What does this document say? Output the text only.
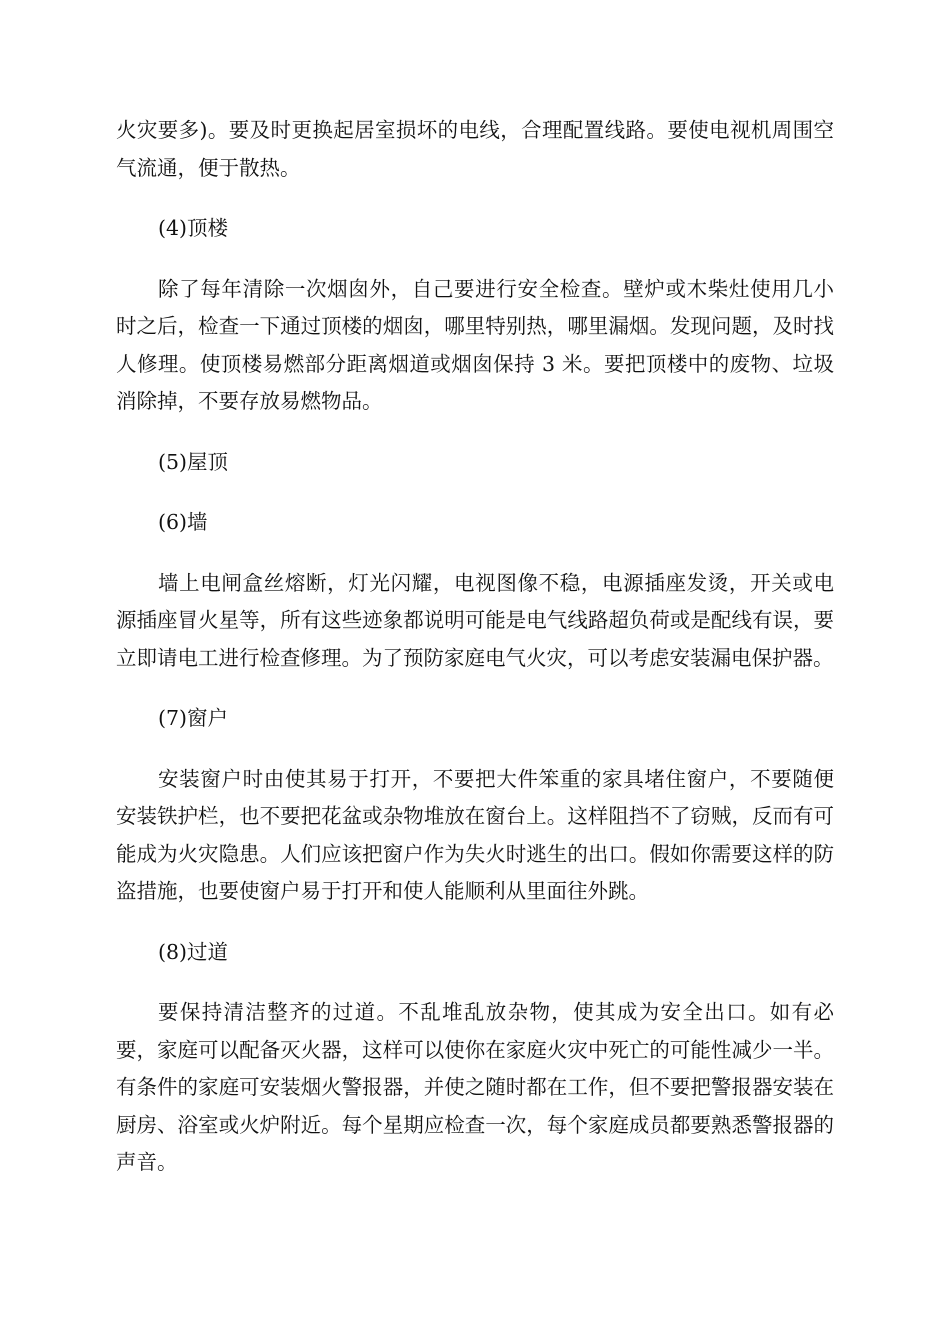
火灾要多)。要及时更换起居室损坏的电线，合理配置线路。要使电视机周围空气流通，便于散热。

(4)顶楼

除了每年清除一次烟囱外，自己要进行安全检查。壁炉或木柴灶使用几小时之后，检查一下通过顶楼的烟囱，哪里特别热，哪里漏烟。发现问题，及时找人修理。使顶楼易燃部分距离烟道或烟囱保持 3 米。要把顶楼中的废物、垃圾消除掉，不要存放易燃物品。

(5)屋顶

(6)墙

墙上电闸盒丝熔断，灯光闪耀，电视图像不稳，电源插座发烫，开关或电源插座冒火星等，所有这些迹象都说明可能是电气线路超负荷或是配线有误，要立即请电工进行检查修理。为了预防家庭电气火灾，可以考虑安装漏电保护器。

(7)窗户

安装窗户时由使其易于打开，不要把大件笨重的家具堵住窗户，不要随便安装铁护栏，也不要把花盆或杂物堆放在窗台上。这样阻挡不了窃贼，反而有可能成为火灾隐患。人们应该把窗户作为失火时逃生的出口。假如你需要这样的防盗措施，也要使窗户易于打开和使人能顺利从里面往外跳。

(8)过道

要保持清洁整齐的过道。不乱堆乱放杂物，使其成为安全出口。如有必要，家庭可以配备灭火器，这样可以使你在家庭火灾中死亡的可能性减少一半。有条件的家庭可安装烟火警报器，并使之随时都在工作，但不要把警报器安装在厨房、浴室或火炉附近。每个星期应检查一次，每个家庭成员都要熟悉警报器的声音。
